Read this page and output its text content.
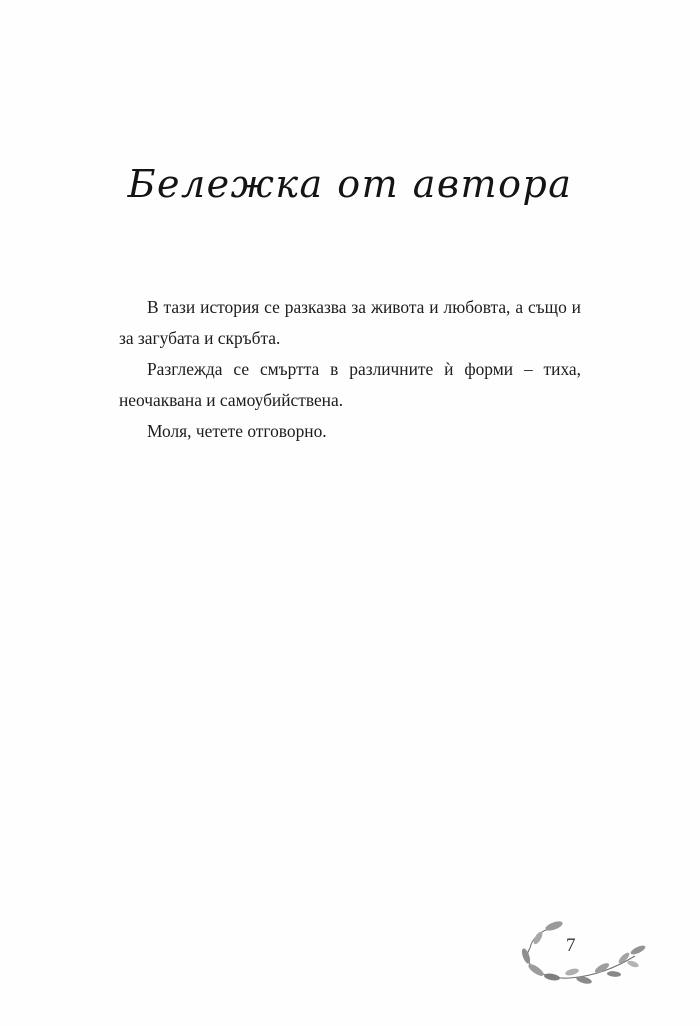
Бележка от автора

В тази история се разказва за живота и любовта, а също и за загубата и скръбта.

Разглежда се смъртта в различните ѝ форми – тиха, неочаквана и самоубийствена.

Моля, четете отговорно.

7
